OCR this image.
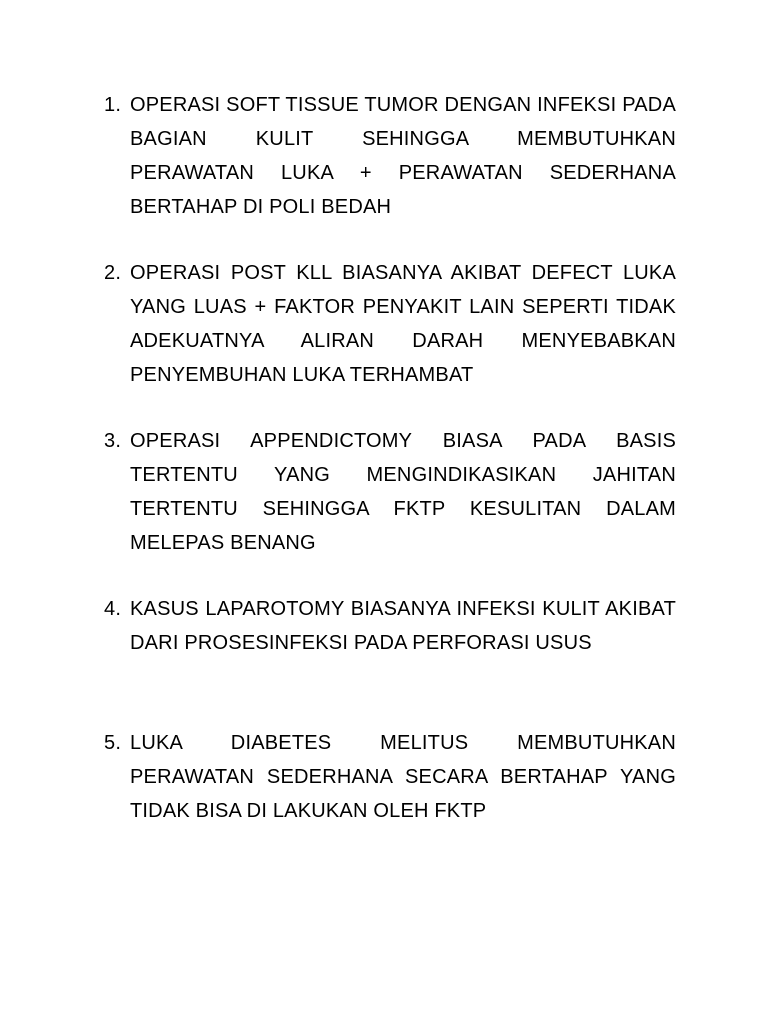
1. OPERASI SOFT TISSUE TUMOR DENGAN INFEKSI PADA BAGIAN KULIT SEHINGGA MEMBUTUHKAN PERAWATAN LUKA + PERAWATAN SEDERHANA BERTAHAP DI POLI BEDAH
2. OPERASI POST KLL BIASANYA AKIBAT DEFECT LUKA YANG LUAS + FAKTOR PENYAKIT LAIN SEPERTI TIDAK ADEKUATNYA ALIRAN DARAH MENYEBABKAN PENYEMBUHAN LUKA TERHAMBAT
3. OPERASI APPENDICTOMY BIASA PADA BASIS TERTENTU YANG MENGINDIKASIKAN JAHITAN TERTENTU SEHINGGA FKTP KESULITAN DALAM MELEPAS BENANG
4. KASUS LAPAROTOMY BIASANYA INFEKSI KULIT AKIBAT DARI PROSESINFEKSI PADA PERFORASI USUS
5. LUKA DIABETES MELITUS MEMBUTUHKAN PERAWATAN SEDERHANA SECARA BERTAHAP YANG TIDAK BISA DI LAKUKAN OLEH FKTP
